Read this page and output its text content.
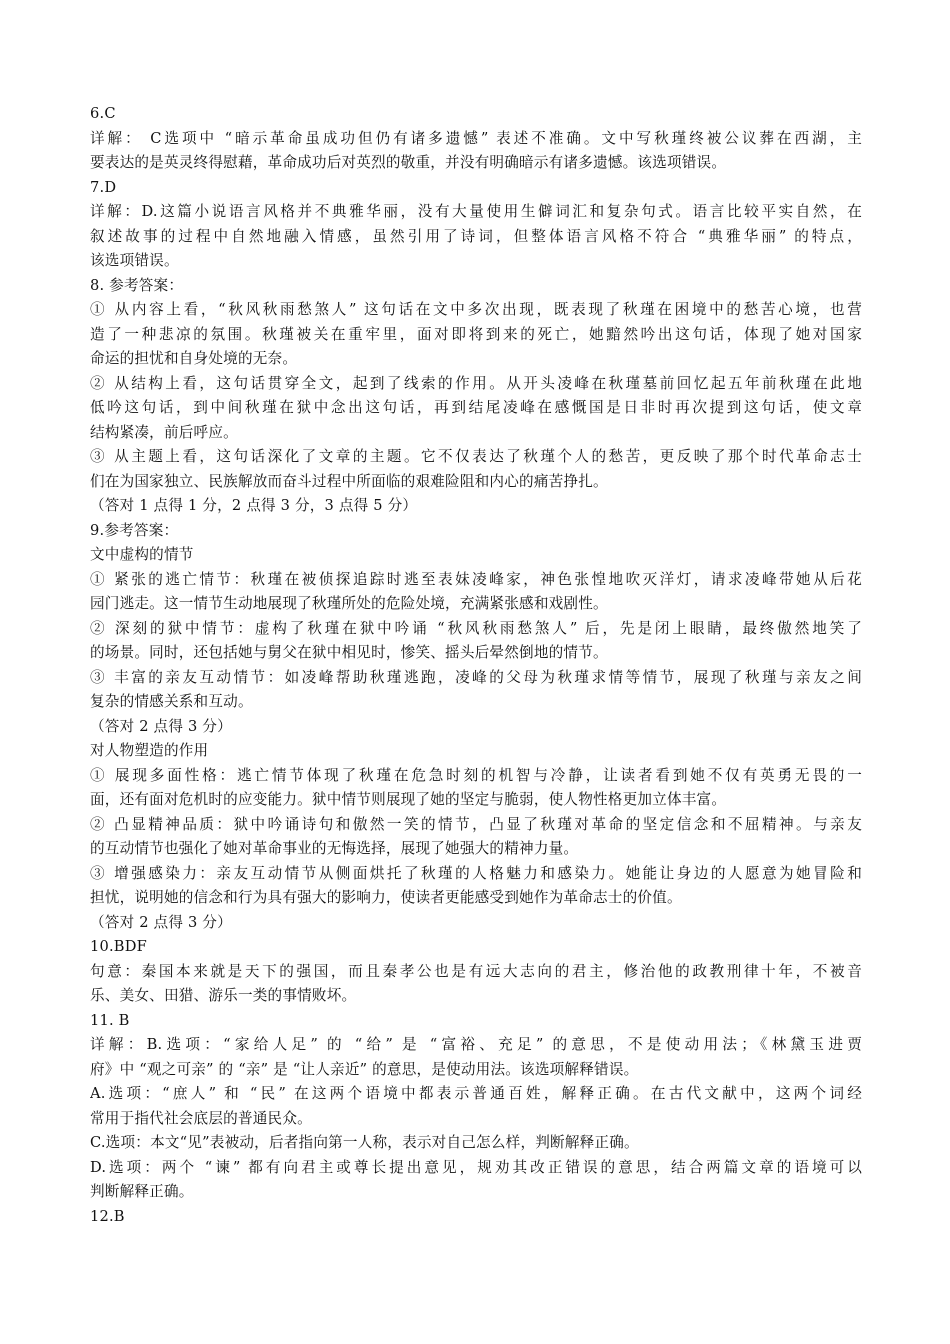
6.C
详解： C选项中 “暗示革命虽成功但仍有诸多遗憾” 表述不准确。文中写秋瑾终被公议葬在西湖，主
要表达的是英灵终得慰藉，革命成功后对英烈的敬重，并没有明确暗示有诸多遗憾。该选项错误。
7.D
详解：D.这篇小说语言风格并不典雅华丽，没有大量使用生僻词汇和复杂句式。语言比较平实自然，在
叙述故事的过程中自然地融入情感，虽然引用了诗词，但整体语言风格不符合 “典雅华丽” 的特点，
该选项错误。
8. 参考答案：
① 从内容上看，“秋风秋雨愁煞人” 这句话在文中多次出现，既表现了秋瑾在困境中的愁苦心境，也营
造了一种悲凉的氛围。秋瑾被关在重牢里，面对即将到来的死亡，她黯然吟出这句话，体现了她对国家
命运的担忧和自身处境的无奈。
② 从结构上看，这句话贯穿全文，起到了线索的作用。从开头凌峰在秋瑾墓前回忆起五年前秋瑾在此地
低吟这句话，到中间秋瑾在狱中念出这句话，再到结尾凌峰在感慨国是日非时再次提到这句话，使文章
结构紧凑，前后呼应。
③ 从主题上看，这句话深化了文章的主题。它不仅表达了秋瑾个人的愁苦，更反映了那个时代革命志士
们在为国家独立、民族解放而奋斗过程中所面临的艰难险阻和内心的痛苦挣扎。
（答对 1 点得 1 分，2 点得 3 分，3 点得 5 分）
9.参考答案：
文中虚构的情节
① 紧张的逃亡情节：秋瑾在被侦探追踪时逃至表妹凌峰家，神色张惶地吹灭洋灯，请求凌峰带她从后花
园门逃走。这一情节生动地展现了秋瑾所处的危险处境，充满紧张感和戏剧性。
② 深刻的狱中情节：虚构了秋瑾在狱中吟诵 “秋风秋雨愁煞人” 后，先是闭上眼睛，最终傲然地笑了
的场景。同时，还包括她与舅父在狱中相见时，惨笑、摇头后晕然倒地的情节。
③ 丰富的亲友互动情节：如凌峰帮助秋瑾逃跑，凌峰的父母为秋瑾求情等情节，展现了秋瑾与亲友之间
复杂的情感关系和互动。
（答对 2 点得 3 分）
对人物塑造的作用
① 展现多面性格：逃亡情节体现了秋瑾在危急时刻的机智与冷静，让读者看到她不仅有英勇无畏的一
面，还有面对危机时的应变能力。狱中情节则展现了她的坚定与脆弱，使人物性格更加立体丰富。
② 凸显精神品质：狱中吟诵诗句和傲然一笑的情节，凸显了秋瑾对革命的坚定信念和不屈精神。与亲友
的互动情节也强化了她对革命事业的无悔选择，展现了她强大的精神力量。
③ 增强感染力：亲友互动情节从侧面烘托了秋瑾的人格魅力和感染力。她能让身边的人愿意为她冒险和
担忧，说明她的信念和行为具有强大的影响力，使读者更能感受到她作为革命志士的价值。
（答对 2 点得 3 分）
10.BDF
句意：秦国本来就是天下的强国，而且秦孝公也是有远大志向的君主，修治他的政教刑律十年，不被音
乐、美女、田猎、游乐一类的事情败坏。
11. B
详解：B.选项：“家给人足” 的 “给” 是 “富裕、充足” 的意思，不是使动用法；《林黛玉进贾
府》中 “观之可亲” 的 “亲” 是 “让人亲近” 的意思，是使动用法。该选项解释错误。
A.选项：“庶人” 和 “民” 在这两个语境中都表示普通百姓，解释正确。在古代文献中，这两个词经
常用于指代社会底层的普通民众。
C.选项：本文“见”表被动，后者指向第一人称，表示对自己怎么样，判断解释正确。
D.选项：两个 “谏” 都有向君主或尊长提出意见，规劝其改正错误的意思，结合两篇文章的语境可以
判断解释正确。
12.B
